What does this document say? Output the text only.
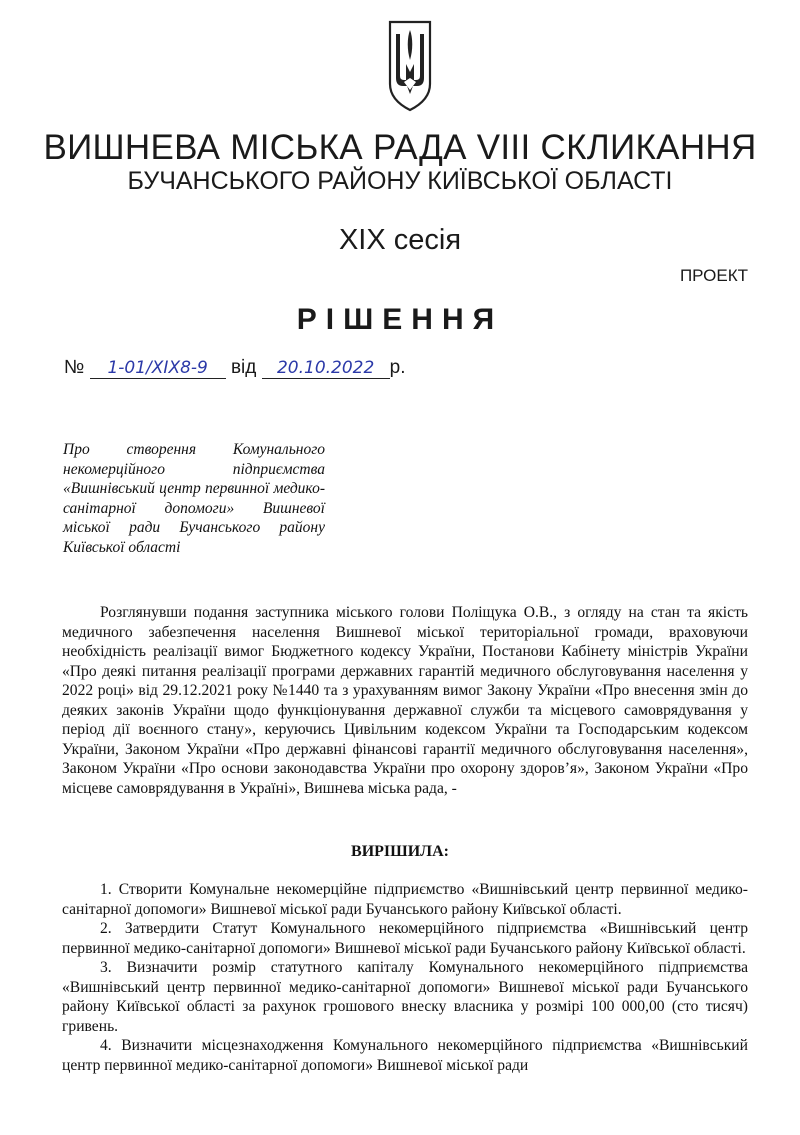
ВИШНЕВА МІСЬКА РАДА VIII СКЛИКАННЯ
БУЧАНСЬКОГО РАЙОНУ КИЇВСЬКОЇ ОБЛАСТІ
XIX сесія
ПРОЕКТ
РІШЕННЯ
№ 1-01/XIX8-9 від 20.10.2022 р.
Про створення Комунального некомерційного підприємства «Вишнівський центр первинної медико-санітарної допомоги» Вишневої міської ради Бучанського району Київської області
Розглянувши подання заступника міського голови Поліщука О.В., з огляду на стан та якість медичного забезпечення населення Вишневої міської територіальної громади, враховуючи необхідність реалізації вимог Бюджетного кодексу України, Постанови Кабінету міністрів України «Про деякі питання реалізації програми державних гарантій медичного обслуговування населення у 2022 році» від 29.12.2021 року №1440 та з урахуванням вимог Закону України «Про внесення змін до деяких законів України щодо функціонування державної служби та місцевого самоврядування у період дії воєнного стану», керуючись Цивільним кодексом України та Господарським кодексом України, Законом України «Про державні фінансові гарантії медичного обслуговування населення», Законом України «Про основи законодавства України про охорону здоров’я», Законом України «Про місцеве самоврядування в Україні», Вишнева міська рада, -
ВИРІШИЛА:

1. Створити Комунальне некомерційне підприємство «Вишнівський центр первинної медико-санітарної допомоги» Вишневої міської ради Бучанського району Київської області.

2. Затвердити Статут Комунального некомерційного підприємства «Вишнівський центр первинної медико-санітарної допомоги» Вишневої міської ради Бучанського району Київської області.

3. Визначити розмір статутного капіталу Комунального некомерційного підприємства «Вишнівський центр первинної медико-санітарної допомоги» Вишневої міської ради Бучанського району Київської області за рахунок грошового внеску власника у розмірі 100 000,00 (сто тисяч) гривень.

4. Визначити місцезнаходження Комунального некомерційного підприємства «Вишнівський центр первинної медико-санітарної допомоги» Вишневої міської ради
